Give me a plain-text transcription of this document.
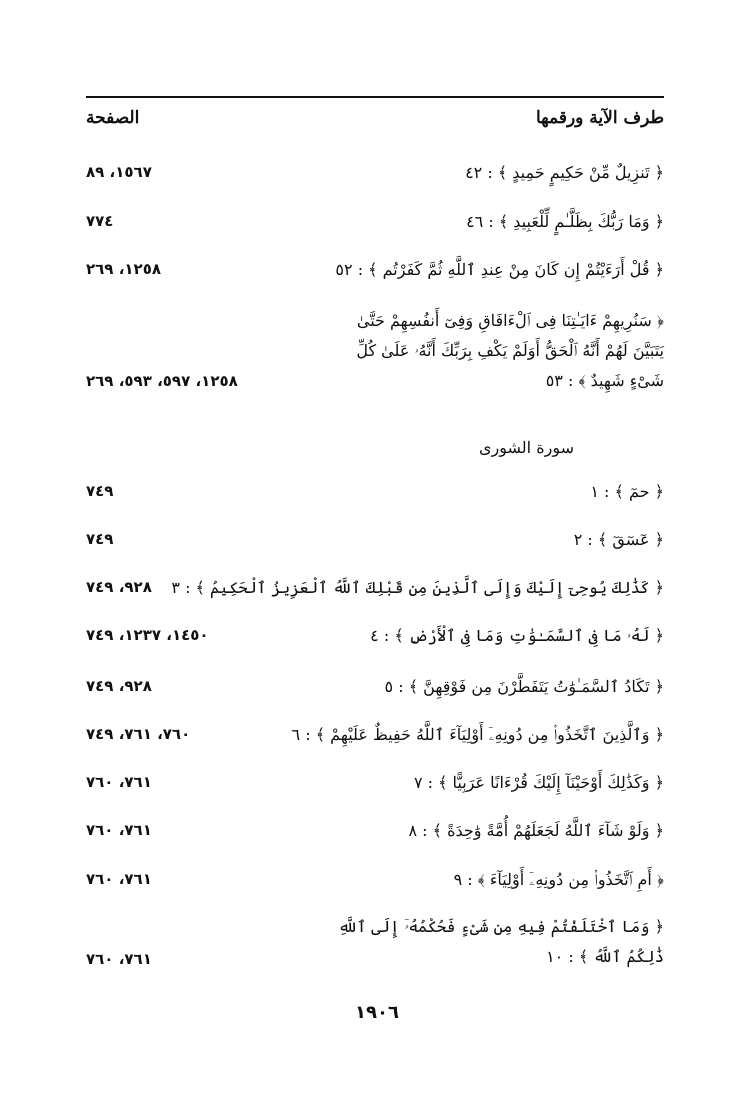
طرف الآية ورقمها
الصفحة
﴿ تَنزِيلٌ مِّنْ حَكِيمٍ حَمِيدٍ ﴾ : ٤٢
١٥٦٧، ٨٩
﴿ وَمَا رَبُّكَ بِظَلَّـٰمٍ لِّلْعَبِيدِ ﴾ : ٤٦
٧٧٤
﴿ قُلْ أَرَءَيْتُمْ إِن كَانَ مِنْ عِندِ ٱللَّهِ ثُمَّ كَفَرْتُم ﴾ : ٥٢
١٢٥٨، ٢٦٩
﴿ سَنُرِيهِمْ ءَايَـٰتِنَا فِى ٱلْءَافَاقِ وَفِىٓ أَنفُسِهِمْ حَتَّىٰ يَتَبَيَّنَ لَهُمْ أَنَّهُ ٱلْحَقُّ أَوَلَمْ يَكْفِ بِرَبِّكَ أَنَّهُۥ عَلَىٰ كُلِّ شَىْءٍ شَهِيدٌ ﴾ : ٥٣
١٢٥٨، ٥٩٧، ٥٩٣، ٢٦٩
سورة الشورى
﴿ حمٓ ﴾ : ١
٧٤٩
﴿ عٓسٓقٓ ﴾ : ٢
٧٤٩
﴿ كَذَٰلِكَ يُوحِىٓ إِلَيْكَ وَإِلَى ٱلَّذِينَ مِن قَبْلِكَ ٱللَّهُ ٱلْعَزِيزُ ٱلْحَكِيمُ ﴾ : ٣
٩٢٨، ٧٤٩
﴿ لَهُۥ مَا فِى ٱلسَّمَـٰوَٰتِ وَمَا فِى ٱلْأَرْضِ ﴾ : ٤
١٤٥٠، ١٢٣٧، ٧٤٩
﴿ تَكَادُ ٱلسَّمَـٰوَٰتُ يَتَفَطَّرْنَ مِن فَوْقِهِنَّ ﴾ : ٥
٩٢٨، ٧٤٩
﴿ وَٱلَّذِينَ ٱتَّخَذُوا۟ مِن دُونِهِۦٓ أَوْلِيَآءَ ٱللَّهُ حَفِيظٌ عَلَيْهِمْ ﴾ : ٦
٧٦٠، ٧٦١، ٧٤٩
﴿ وَكَذَٰلِكَ أَوْحَيْنَآ إِلَيْكَ قُرْءَانًا عَرَبِيًّا ﴾ : ٧
٧٦١، ٧٦٠
﴿ وَلَوْ شَآءَ ٱللَّهُ لَجَعَلَهُمْ أُمَّةً وَٰحِدَةً ﴾ : ٨
٧٦١، ٧٦٠
﴿ أَمِ ٱتَّخَذُوا۟ مِن دُونِهِۦٓ أَوْلِيَآءَ ﴾ : ٩
٧٦١، ٧٦٠
﴿ وَمَا ٱخْتَلَفْتُمْ فِيهِ مِن شَىْءٍ فَحُكْمُهُۥٓ إِلَى ٱللَّهِ ذَٰلِكُمُ ٱللَّهُ ﴾ : ١٠
٧٦١، ٧٦٠
١٩٠٦
